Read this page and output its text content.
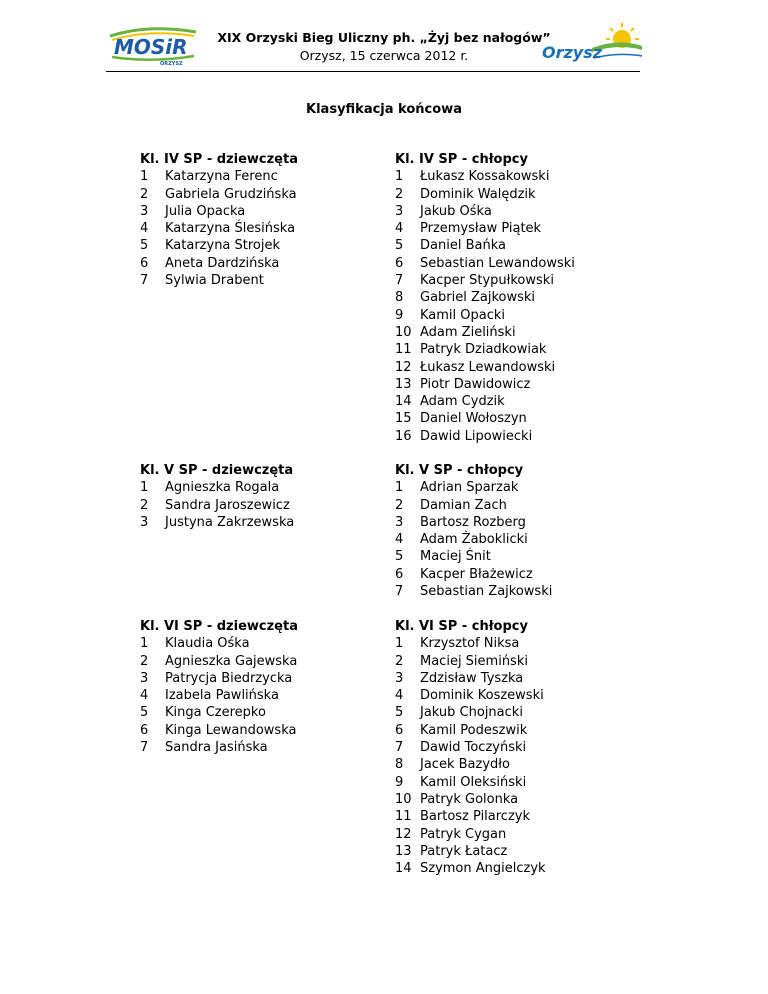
MOSiR
ORZYSZ
XIX Orzyski Bieg Uliczny ph. „Żyj bez nałogów”
Orzysz, 15 czerwca 2012 r.	Orzysz
Klasyfikacja końcowa
Kl. IV SP - dziewczęta
1	Katarzyna Ferenc
2	Gabriela Grudzińska
3	Julia Opacka
4	Katarzyna Ślesińska
5	Katarzyna Strojek
6	Aneta Dardzińska
7	Sylwia Drabent
Kl. IV SP - chłopcy
1	Łukasz Kossakowski
2	Dominik Walędzik
3	Jakub Ośka
4	Przemysław Piątek
5	Daniel Bańka
6	Sebastian Lewandowski
7	Kacper Stypułkowski
8	Gabriel Zajkowski
9	Kamil Opacki
10 Adam Zieliński
11 Patryk Dziadkowiak
12 Łukasz Lewandowski
13 Piotr Dawidowicz
14 Adam Cydzik
15 Daniel Wołoszyn
16 Dawid Lipowiecki
Kl. V SP - dziewczęta
1	Agnieszka Rogala
2	Sandra Jaroszewicz
3	Justyna Zakrzewska
Kl. V SP - chłopcy
1	Adrian Sparzak
2	Damian Zach
3	Bartosz Rozberg
4	Adam Żaboklicki
5	Maciej Śnit
6	Kacper Błażewicz
7	Sebastian Zajkowski
Kl. VI SP - dziewczęta
1	Klaudia Ośka
2	Agnieszka Gajewska
3	Patrycja Biedrzycka
4	Izabela Pawlińska
5	Kinga Czerepko
6	Kinga Lewandowska
7	Sandra Jasińska
Kl. VI SP - chłopcy
1	Krzysztof Niksa
2	Maciej Siemiński
3	Zdzisław Tyszka
4	Dominik Koszewski
5	Jakub Chojnacki
6	Kamil Podeszwik
7	Dawid Toczyński
8	Jacek Bazydło
9	Kamil Oleksiński
10 Patryk Golonka
11 Bartosz Pilarczyk
12 Patryk Cygan
13 Patryk Łatacz
14 Szymon Angielczyk
